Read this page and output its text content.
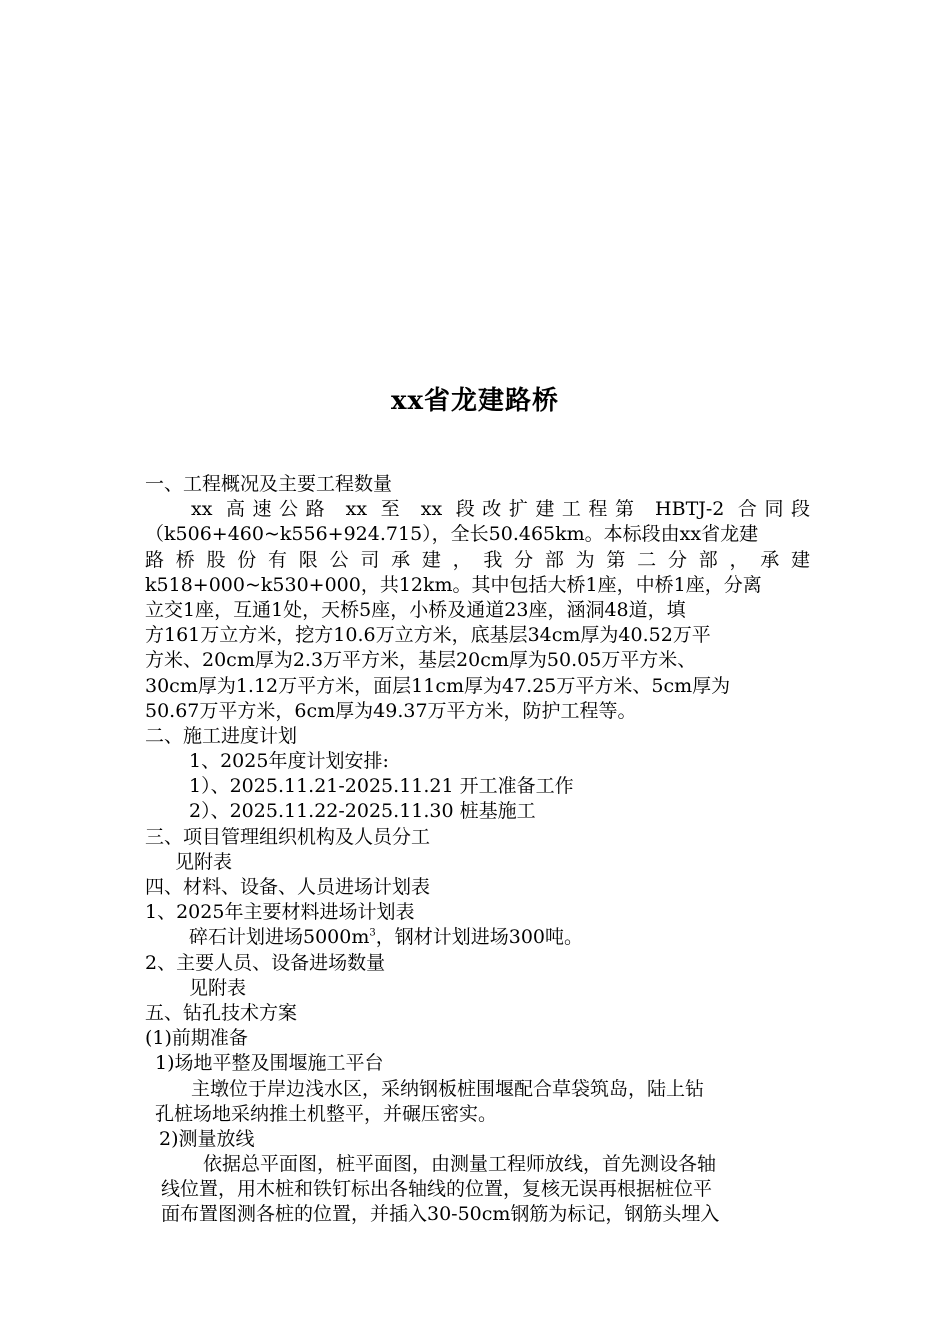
xx省龙建路桥
一、工程概况及主要工程数量
xx 高速公路 xx 至 xx 段改扩建工程第 HBTJ-2 合同段
（k506+460~k556+924.715），全长50.465km。本标段由xx省龙建
路桥股份有限公司承建，我分部为第二分部，承建
k518+000~k530+000，共12km。其中包括大桥1座，中桥1座，分离
立交1座，互通1处，天桥5座，小桥及通道23座，涵洞48道，填
方161万立方米，挖方10.6万立方米，底基层34cm厚为40.52万平
方米、20cm厚为2.3万平方米，基层20cm厚为50.05万平方米、
30cm厚为1.12万平方米，面层11cm厚为47.25万平方米、5cm厚为
50.67万平方米，6cm厚为49.37万平方米，防护工程等。
二、施工进度计划
1、2025年度计划安排:
1）、2025.11.21-2025.11.21 开工准备工作
2）、2025.11.22-2025.11.30 桩基施工
三、项目管理组织机构及人员分工
见附表
四、材料、设备、人员进场计划表
1、2025年主要材料进场计划表
碎石计划进场$5000m^3$，钢材计划进场300吨。
2、主要人员、设备进场数量
见附表
五、钻孔技术方案
(1)前期准备
1)场地平整及围堰施工平台
主墩位于岸边浅水区，采纳钢板桩围堰配合草袋筑岛，陆上钻
孔桩场地采纳推土机整平，并碾压密实。
2)测量放线
依据总平面图，桩平面图，由测量工程师放线，首先测设各轴
线位置，用木桩和铁钉标出各轴线的位置，复核无误再根据桩位平
面布置图测各桩的位置，并插入30-50cm钢筋为标记，钢筋头埋入
